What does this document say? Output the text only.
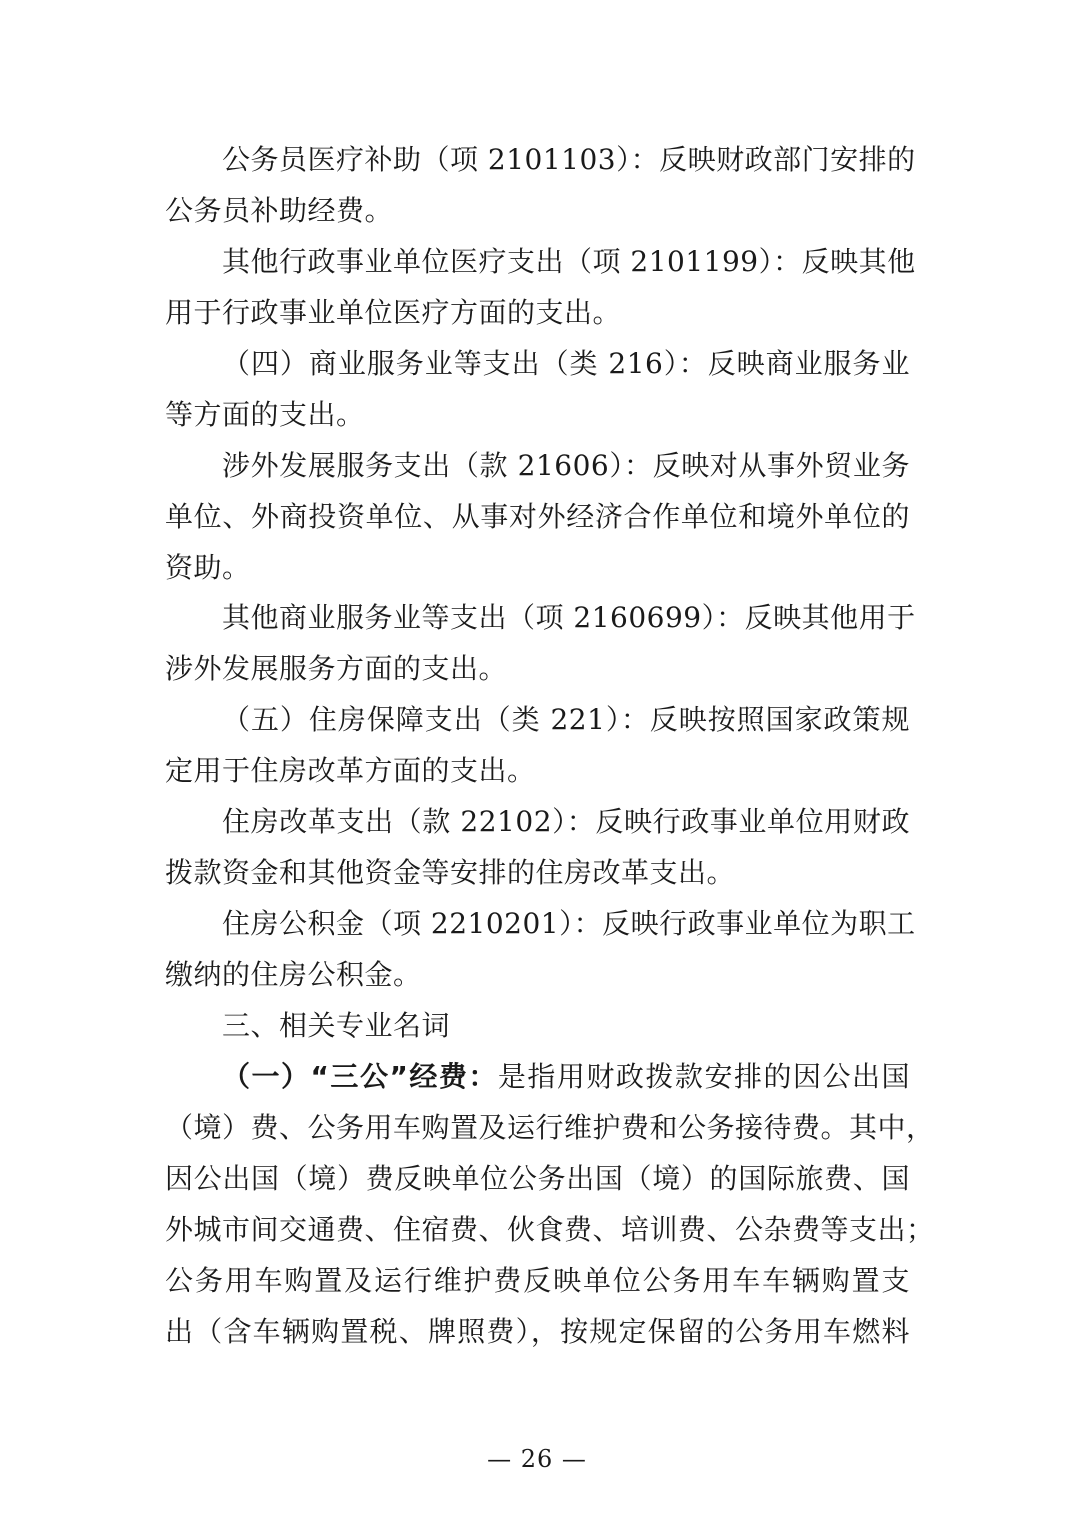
公务员医疗补助（项 2101103）：反映财政部门安排的
公务员补助经费。
其他行政事业单位医疗支出（项 2101199）：反映其他
用于行政事业单位医疗方面的支出。
（四）商业服务业等支出（类 216）：反映商业服务业
等方面的支出。
涉外发展服务支出（款 21606）：反映对从事外贸业务
单位、外商投资单位、从事对外经济合作单位和境外单位的
资助。
其他商业服务业等支出（项 2160699）：反映其他用于
涉外发展服务方面的支出。
（五）住房保障支出（类 221）：反映按照国家政策规
定用于住房改革方面的支出。
住房改革支出（款 22102）：反映行政事业单位用财政
拨款资金和其他资金等安排的住房改革支出。
住房公积金（项 2210201）：反映行政事业单位为职工
缴纳的住房公积金。
三、相关专业名词
（一）“三公”经费：是指用财政拨款安排的因公出国
（境）费、公务用车购置及运行维护费和公务接待费。其中，
因公出国（境）费反映单位公务出国（境）的国际旅费、国
外城市间交通费、住宿费、伙食费、培训费、公杂费等支出；
公务用车购置及运行维护费反映单位公务用车车辆购置支
出（含车辆购置税、牌照费），按规定保留的公务用车燃料
— 26 —
